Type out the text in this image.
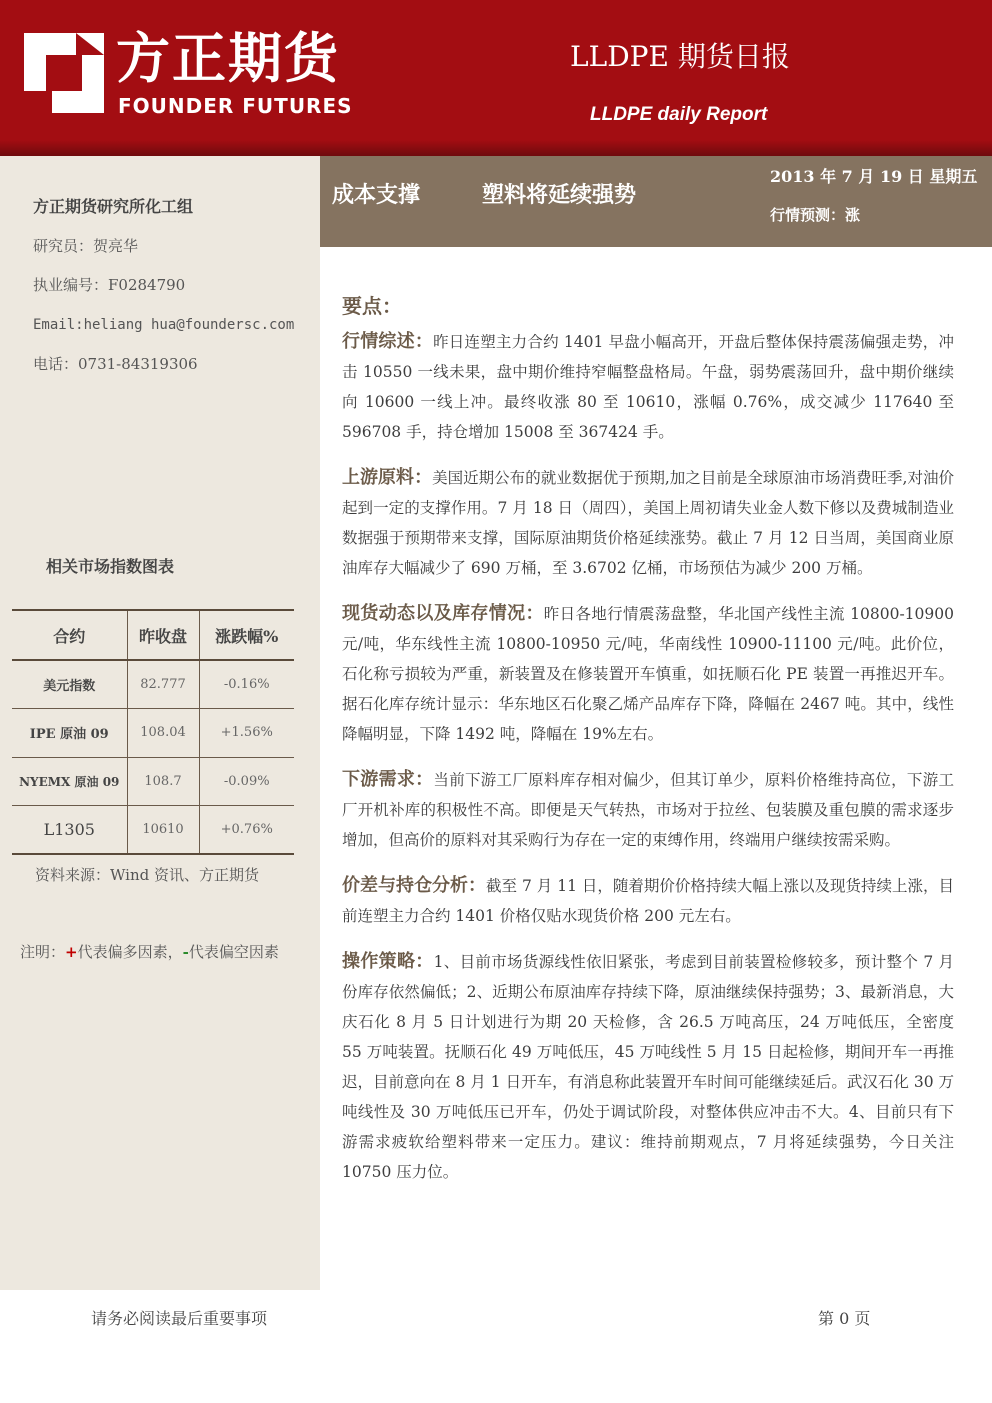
方正期货
FOUNDER FUTURES
LLDPE 期货日报
LLDPE daily Report
方正期货研究所化工组
研究员：贺亮华
执业编号：F0284790
Email:heliang hua@foundersc.com
电话：0731-84319306
相关市场指数图表
合约	昨收盘	涨跌幅%
美元指数	82.777	-0.16%
IPE 原油 09	108.04	+1.56%
NYEMX 原油 09	108.7	-0.09%
L1305	10610	+0.76%
资料来源：Wind 资讯、方正期货
注明：+代表偏多因素，-代表偏空因素
成本支撑	塑料将延续强势
2013 年 7 月 19 日 星期五
行情预测：涨
要点：

行情综述：昨日连塑主力合约 1401 早盘小幅高开，开盘后整体保持震荡偏强走势，冲击 10550 一线未果，盘中期价维持窄幅整盘格局。午盘，弱势震荡回升，盘中期价继续向 10600 一线上冲。最终收涨 80 至 10610，涨幅 0.76%，成交减少 117640 至 596708 手，持仓增加 15008 至 367424 手。

上游原料：美国近期公布的就业数据优于预期,加之目前是全球原油市场消费旺季,对油价起到一定的支撑作用。7 月 18 日（周四），美国上周初请失业金人数下修以及费城制造业数据强于预期带来支撑，国际原油期货价格延续涨势。截止 7 月 12 日当周，美国商业原油库存大幅减少了 690 万桶，至 3.6702 亿桶，市场预估为减少 200 万桶。

现货动态以及库存情况：昨日各地行情震荡盘整，华北国产线性主流 10800-10900 元/吨，华东线性主流 10800-10950 元/吨，华南线性 10900-11100 元/吨。此价位，石化称亏损较为严重，新装置及在修装置开车慎重，如抚顺石化 PE 装置一再推迟开车。据石化库存统计显示：华东地区石化聚乙烯产品库存下降，降幅在 2467 吨。其中，线性降幅明显，下降 1492 吨，降幅在 19%左右。

下游需求：当前下游工厂原料库存相对偏少，但其订单少，原料价格维持高位，下游工厂开机补库的积极性不高。即便是天气转热，市场对于拉丝、包装膜及重包膜的需求逐步增加，但高价的原料对其采购行为存在一定的束缚作用，终端用户继续按需采购。

价差与持仓分析：截至 7 月 11 日，随着期价价格持续大幅上涨以及现货持续上涨，目前连塑主力合约 1401 价格仅贴水现货价格 200 元左右。

操作策略：1、目前市场货源线性依旧紧张，考虑到目前装置检修较多，预计整个 7 月份库存依然偏低；2、近期公布原油库存持续下降，原油继续保持强势；3、最新消息，大庆石化 8 月 5 日计划进行为期 20 天检修，含 26.5 万吨高压，24 万吨低压，全密度 55 万吨装置。抚顺石化 49 万吨低压，45 万吨线性 5 月 15 日起检修，期间开车一再推迟，目前意向在 8 月 1 日开车，有消息称此装置开车时间可能继续延后。武汉石化 30 万吨线性及 30 万吨低压已开车，仍处于调试阶段，对整体供应冲击不大。4、目前只有下游需求疲软给塑料带来一定压力。建议：维持前期观点，7 月将延续强势，今日关注 10750 压力位。

请务必阅读最后重要事项	第 0 页
